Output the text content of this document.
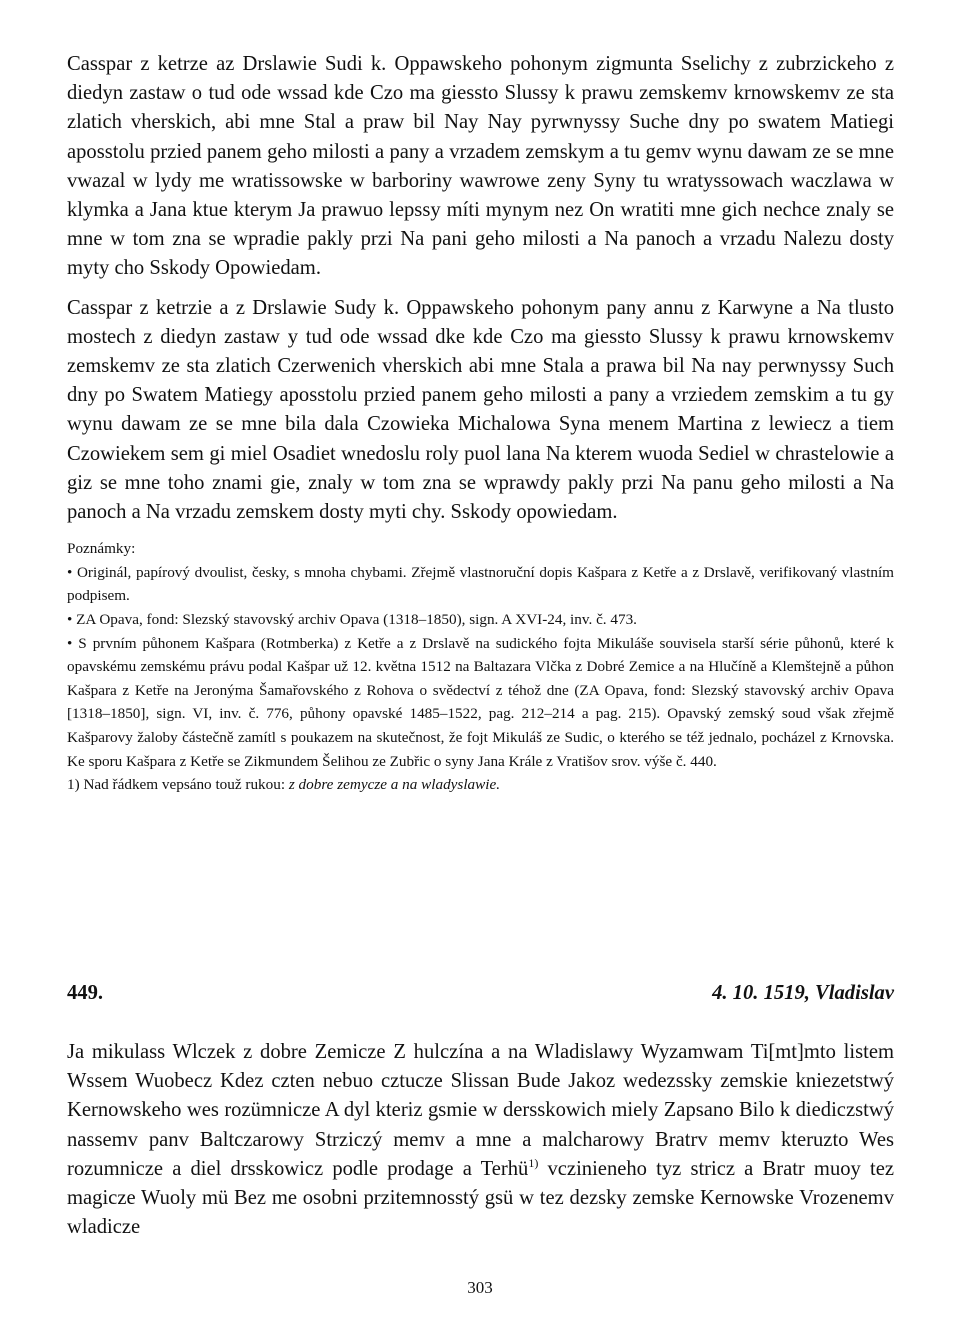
Casspar z ketrze az Drslawie Sudi k. Oppawskeho pohonym zigmunta Sselichy z zubrzickeho z diedyn zastaw o tud ode wssad kde Czo ma giessto Slussy k prawu zemskemv krnowskemv ze sta zlatich vherskich, abi mne Stal a praw bil Nay Nay pyrwnyssy Suche dny po swatem Matiegi aposstolu przied panem geho milosti a pany a vrzadem zemskym a tu gemv wynu dawam ze se mne vwazal w lydy me wratissowske w barboriny wawrowe zeny Syny tu wratyssowach waczlawa w klymka a Jana ktue kterym Ja prawuo lepssy míti mynym nez On wratiti mne gich nechce znaly se mne w tom zna se wpradie pakly przi Na pani geho milosti a Na panoch a vrzadu Nalezu dosty myty cho Sskody Opowiedam.

Casspar z ketrzie a z Drslawie Sudy k. Oppawskeho pohonym pany annu z Karwyne a Na tlusto mostech z diedyn zastaw y tud ode wssad dke kde Czo ma giessto Slussy k prawu krnowskemv zemskemv ze sta zlatich Czerwenich vherskich abi mne Stala a prawa bil Na nay perwnyssy Such dny po Swatem Matiegy aposstolu przied panem geho milosti a pany a vrziedem zemskim a tu gy wynu dawam ze se mne bila dala Czowieka Michalowa Syna menem Martina z lewiecz a tiem Czowiekem sem gi miel Osadiet wnedoslu roly puol lana Na kterem wuoda Sediel w chrastelowie a giz se mne toho znami gie, znaly w tom zna se wprawdy pakly przi Na panu geho milosti a Na panoch a Na vrzadu zemskem dosty myti chy. Sskody opowiedam.

Poznámky:

• Originál, papírový dvoulist, česky, s mnoha chybami. Zřejmě vlastnoruční dopis Kašpara z Ketře a z Drslavě, verifikovaný vlastním podpisem.

• ZA Opava, fond: Slezský stavovský archiv Opava (1318–1850), sign. A XVI-24, inv. č. 473.

• S prvním půhonem Kašpara (Rotmberka) z Ketře a z Drslavě na sudického fojta Mikuláše souvisela starší série půhonů, které k opavskému zemskému právu podal Kašpar už 12. května 1512 na Baltazara Vlčka z Dobré Zemice a na Hlučíně a Klemštejně a půhon Kašpara z Ketře na Jeronýma Šamařovského z Rohova o svědectví z téhož dne (ZA Opava, fond: Slezský stavovský archiv Opava [1318–1850], sign. VI, inv. č. 776, půhony opavské 1485–1522, pag. 212–214 a pag. 215). Opavský zemský soud však zřejmě Kašparovy žaloby částečně zamítl s poukazem na skutečnost, že fojt Mikuláš ze Sudic, o kterého se též jednalo, pocházel z Krnovska. Ke sporu Kašpara z Ketře se Zikmundem Šelihou ze Zubřic o syny Jana Krále z Vratišov srov. výše č. 440.

1) Nad řádkem vepsáno touž rukou: z dobre zemycze a na wladyslawie.

449.	4. 10. 1519, Vladislav

Ja mikulass Wlczek z dobre Zemicze Z hulczína a na Wladislawy Wyzamwam Ti[mt]mto listem Wssem Wuobecz Kdez czten nebuo cztucze Slissan Bude Jakoz wedezssky zemskie kniezetstwý Kernowskeho wes rozümnicze A dyl kteriz gsmie w dersskowich miely Zapsano Bilo k diediczstwý nassemv panv Baltczarowy Strziczý memv a mne a malcharowy Bratrv memv kteruzto Wes rozumnicze a diel drsskowicz podle prodage a Terhü$^{1)}$ vczinieneho tyz stricz a Bratr muoy tez magicze Wuoly mü Bez me osobni przitemnosstý gsü w tez dezsky zemske Kernowske Vrozenemv wladicze

303
